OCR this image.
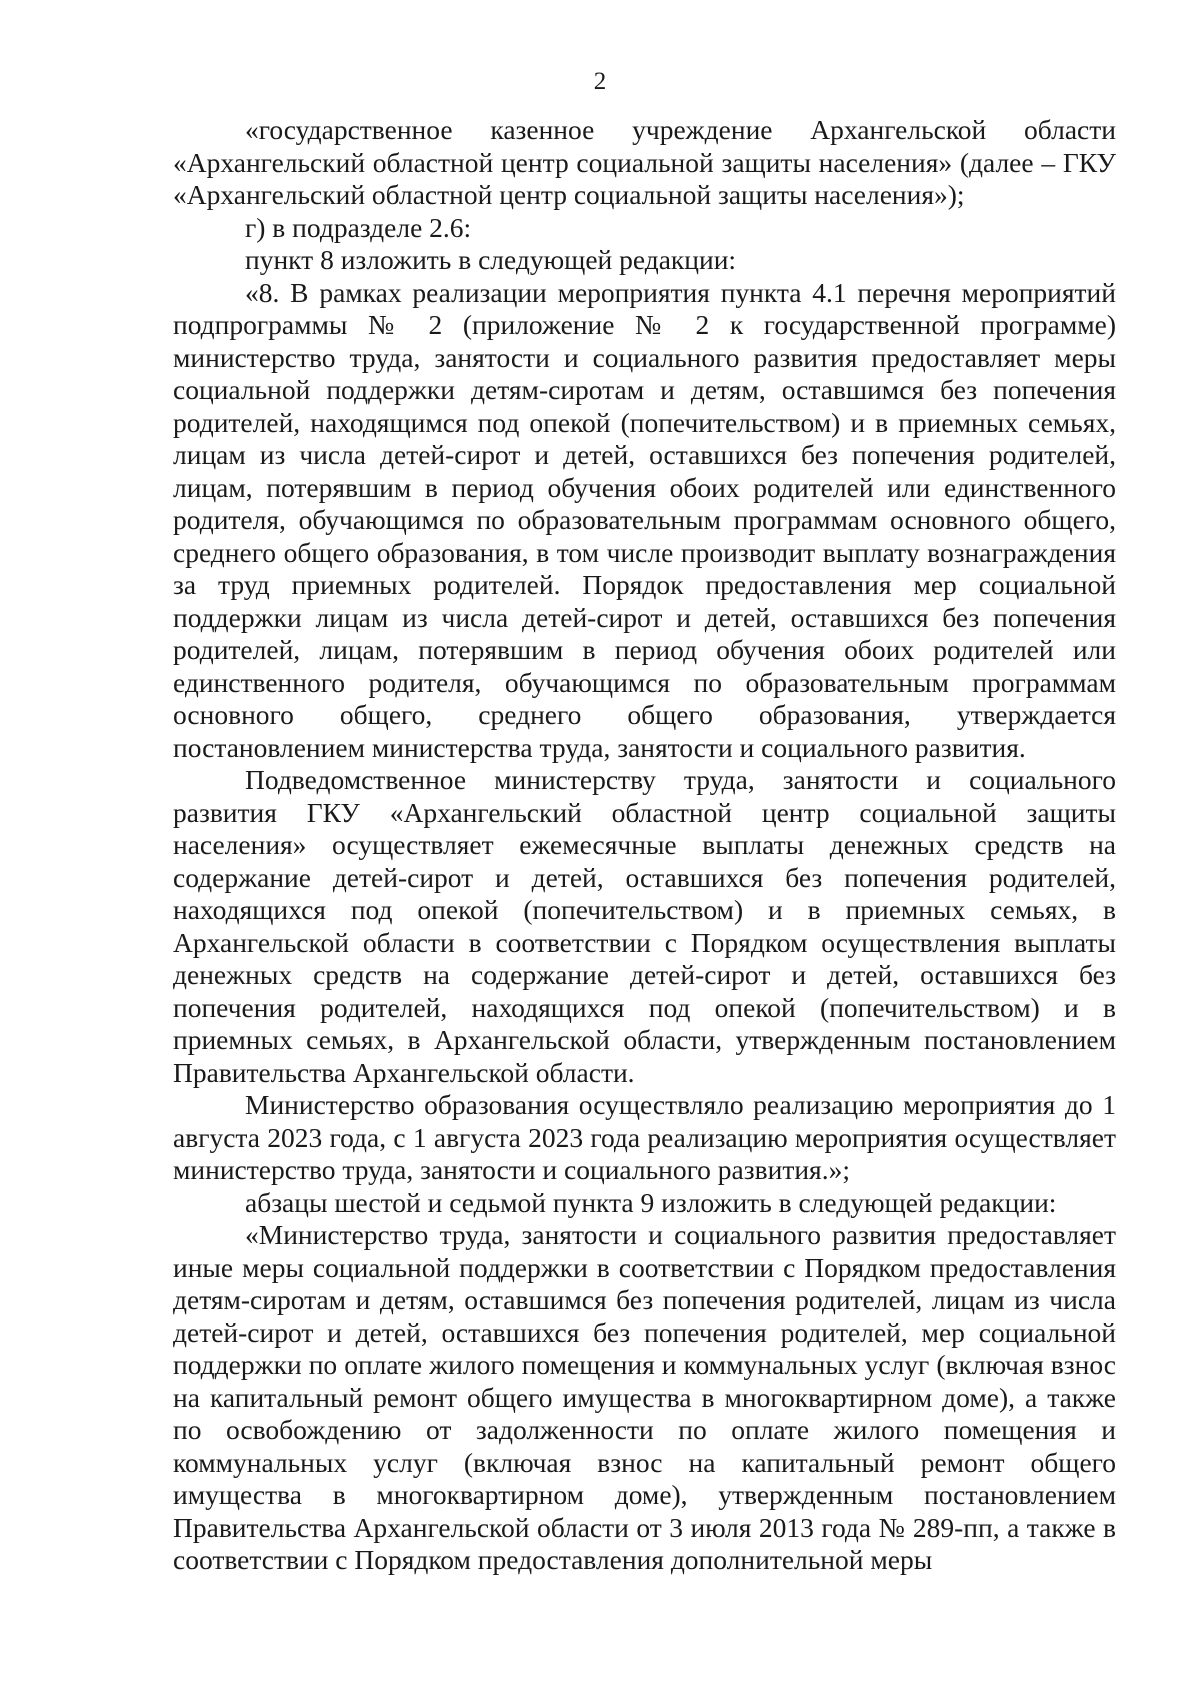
2

«государственное казенное учреждение Архангельской области «Архангельский областной центр социальной защиты населения» (далее – ГКУ «Архангельский областной центр социальной защиты населения»);

г) в подразделе 2.6:

пункт 8 изложить в следующей редакции:

«8. В рамках реализации мероприятия пункта 4.1 перечня мероприятий подпрограммы № 2 (приложение № 2 к государственной программе) министерство труда, занятости и социального развития предоставляет меры социальной поддержки детям-сиротам и детям, оставшимся без попечения родителей, находящимся под опекой (попечительством) и в приемных семьях, лицам из числа детей-сирот и детей, оставшихся без попечения родителей, лицам, потерявшим в период обучения обоих родителей или единственного родителя, обучающимся по образовательным программам основного общего, среднего общего образования, в том числе производит выплату вознаграждения за труд приемных родителей. Порядок предоставления мер социальной поддержки лицам из числа детей-сирот и детей, оставшихся без попечения родителей, лицам, потерявшим в период обучения обоих родителей или единственного родителя, обучающимся по образовательным программам основного общего, среднего общего образования, утверждается постановлением министерства труда, занятости и социального развития.

Подведомственное министерству труда, занятости и социального развития ГКУ «Архангельский областной центр социальной защиты населения» осуществляет ежемесячные выплаты денежных средств на содержание детей-сирот и детей, оставшихся без попечения родителей, находящихся под опекой (попечительством) и в приемных семьях, в Архангельской области в соответствии с Порядком осуществления выплаты денежных средств на содержание детей-сирот и детей, оставшихся без попечения родителей, находящихся под опекой (попечительством) и в приемных семьях, в Архангельской области, утвержденным постановлением Правительства Архангельской области.

Министерство образования осуществляло реализацию мероприятия до 1 августа 2023 года, с 1 августа 2023 года реализацию мероприятия осуществляет министерство труда, занятости и социального развития.»;

абзацы шестой и седьмой пункта 9 изложить в следующей редакции:

«Министерство труда, занятости и социального развития предоставляет иные меры социальной поддержки в соответствии с Порядком предоставления детям-сиротам и детям, оставшимся без попечения родителей, лицам из числа детей-сирот и детей, оставшихся без попечения родителей, мер социальной поддержки по оплате жилого помещения и коммунальных услуг (включая взнос на капитальный ремонт общего имущества в многоквартирном доме), а также по освобождению от задолженности по оплате жилого помещения и коммунальных услуг (включая взнос на капитальный ремонт общего имущества в многоквартирном доме), утвержденным постановлением Правительства Архангельской области от 3 июля 2013 года № 289-пп, а также в соответствии с Порядком предоставления дополнительной меры
